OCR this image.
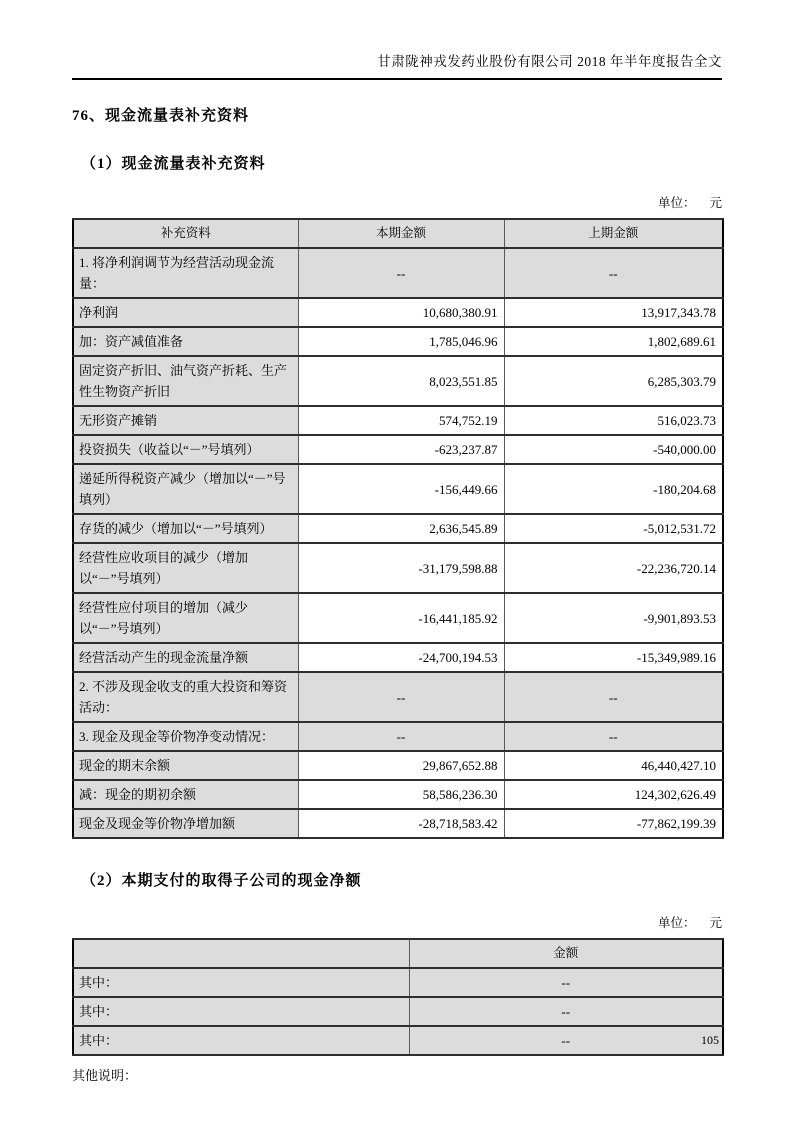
甘肃陇神戎发药业股份有限公司 2018 年半年度报告全文
76、现金流量表补充资料
（1）现金流量表补充资料
单位： 元
补充资料	本期金额	上期金额
1. 将净利润调节为经营活动现金流量：	--	--
净利润	10,680,380.91	13,917,343.78
加：资产减值准备	1,785,046.96	1,802,689.61
固定资产折旧、油气资产折耗、生产性生物资产折旧	8,023,551.85	6,285,303.79
无形资产摊销	574,752.19	516,023.73
投资损失（收益以“－”号填列）	-623,237.87	-540,000.00
递延所得税资产减少（增加以“－”号填列）	-156,449.66	-180,204.68
存货的减少（增加以“－”号填列）	2,636,545.89	-5,012,531.72
经营性应收项目的减少（增加以“－”号填列）	-31,179,598.88	-22,236,720.14
经营性应付项目的增加（减少以“－”号填列）	-16,441,185.92	-9,901,893.53
经营活动产生的现金流量净额	-24,700,194.53	-15,349,989.16
2. 不涉及现金收支的重大投资和筹资活动：	--	--
3. 现金及现金等价物净变动情况：	--	--
现金的期末余额	29,867,652.88	46,440,427.10
减：现金的期初余额	58,586,236.30	124,302,626.49
现金及现金等价物净增加额	-28,718,583.42	-77,862,199.39
（2）本期支付的取得子公司的现金净额
单位： 元
	金额
其中：	--
其中：	--
其中：	--
其他说明：
105
